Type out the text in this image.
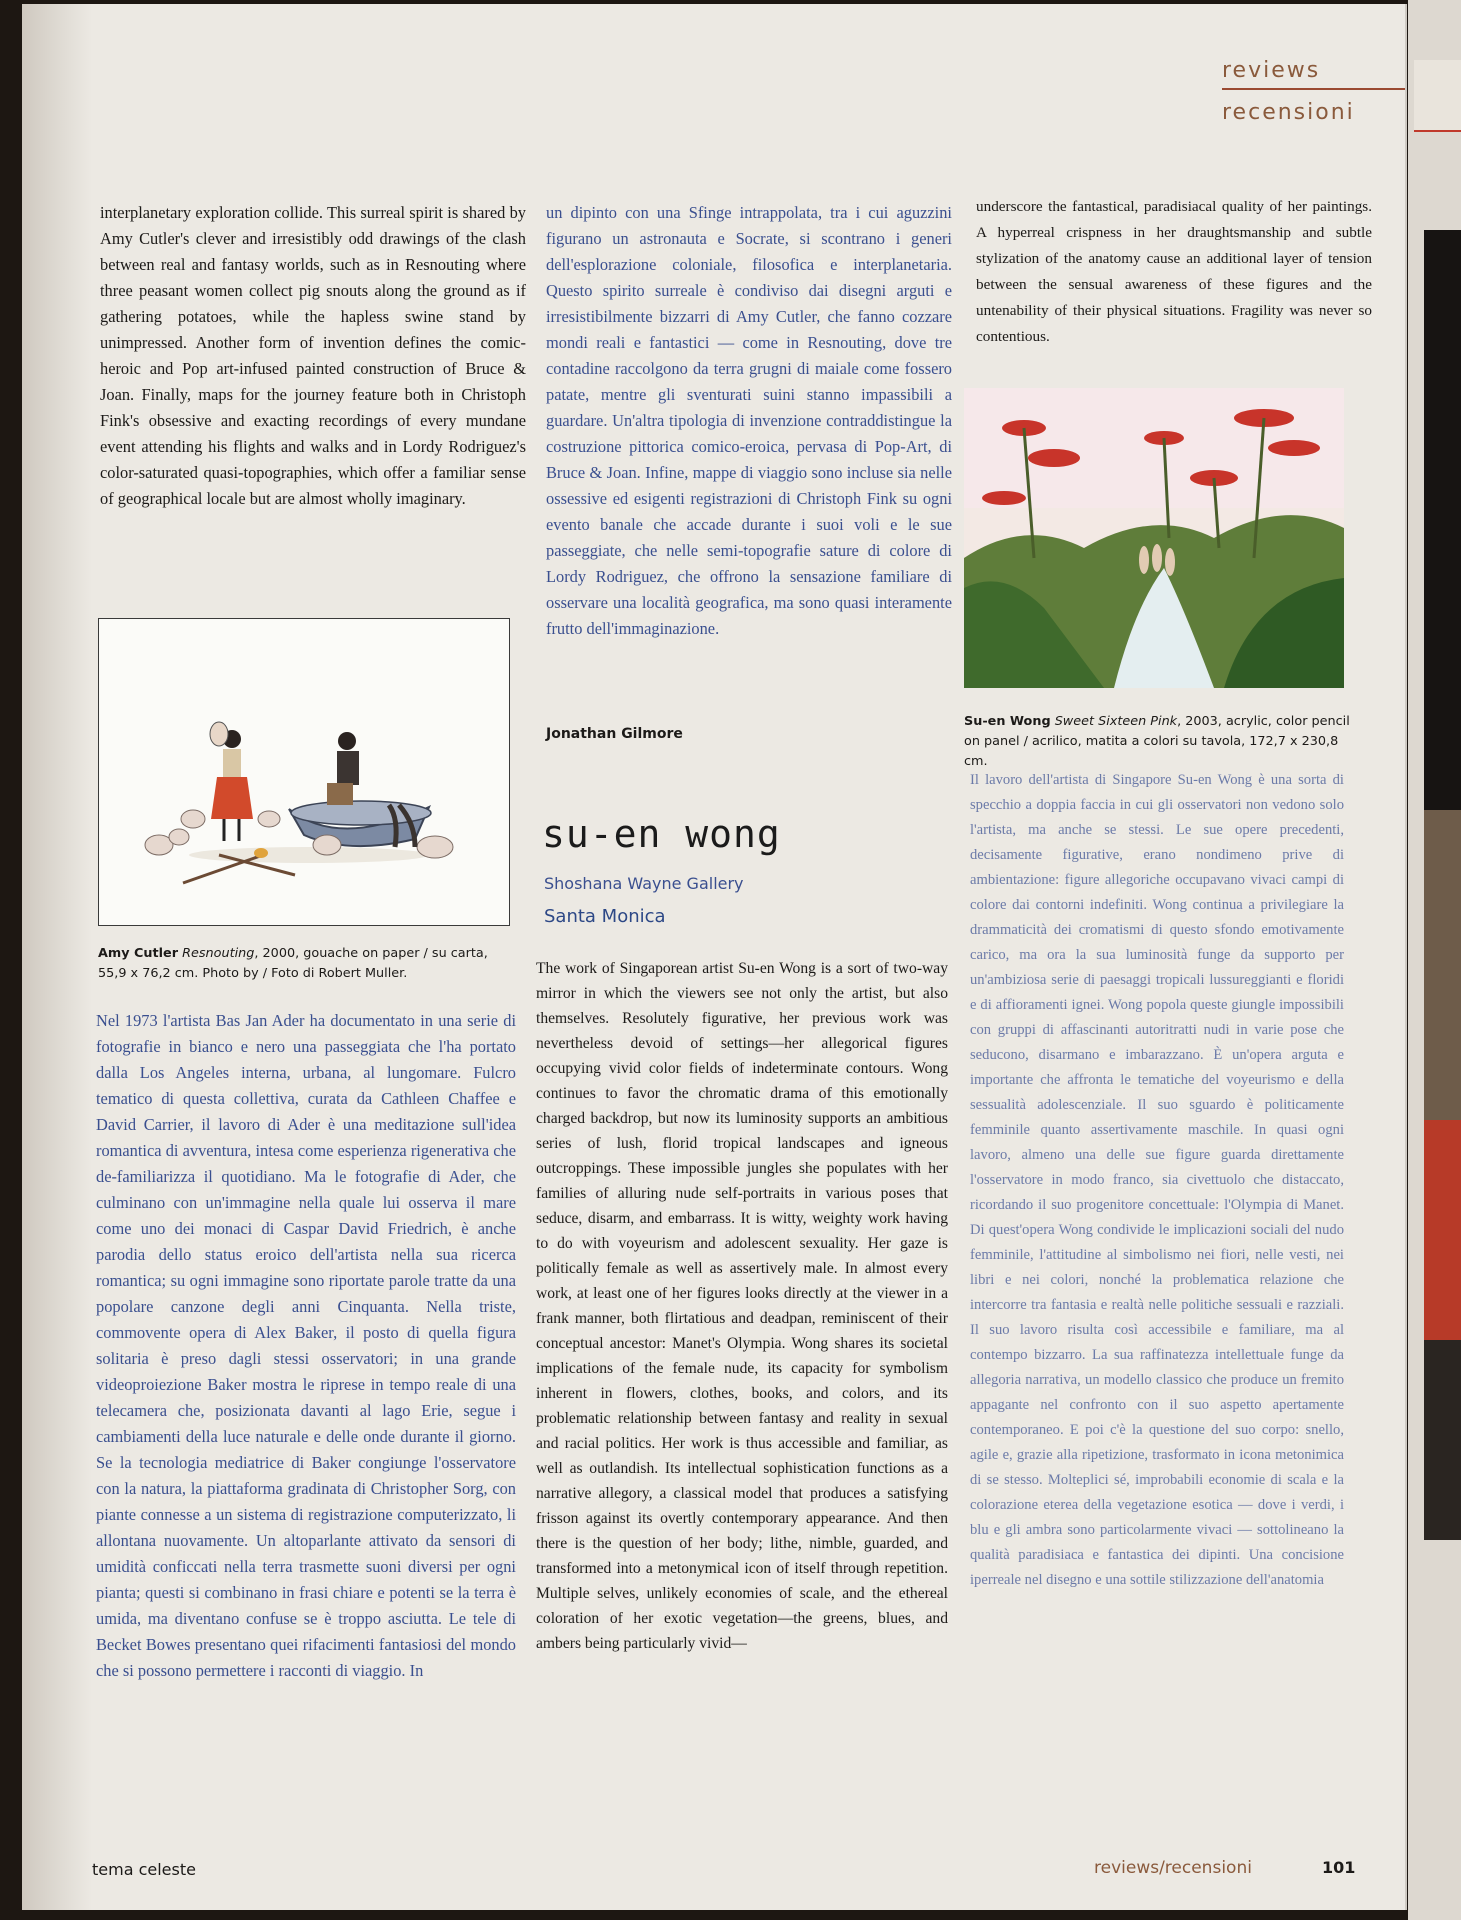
reviews
recensioni

interplanetary exploration collide. This surreal spirit is shared by Amy Cutler's clever and irresistibly odd drawings of the clash between real and fantasy worlds, such as in Resnouting where three peasant women collect pig snouts along the ground as if gathering potatoes, while the hapless swine stand by unimpressed. Another form of invention defines the comic-heroic and Pop art-infused painted construction of Bruce & Joan. Finally, maps for the journey feature both in Christoph Fink's obsessive and exacting recordings of every mundane event attending his flights and walks and in Lordy Rodriguez's color-saturated quasi-topographies, which offer a familiar sense of geographical locale but are almost wholly imaginary.

Amy Cutler Resnouting, 2000, gouache on paper / su carta, 55,9 x 76,2 cm. Photo by / Foto di Robert Muller.

Nel 1973 l'artista Bas Jan Ader ha documentato in una serie di fotografie in bianco e nero una passeggiata che l'ha portato dalla Los Angeles interna, urbana, al lungomare. Fulcro tematico di questa collettiva, curata da Cathleen Chaffee e David Carrier, il lavoro di Ader è una meditazione sull'idea romantica di avventura, intesa come esperienza rigenerativa che de-familiarizza il quotidiano. Ma le fotografie di Ader, che culminano con un'immagine nella quale lui osserva il mare come uno dei monaci di Caspar David Friedrich, è anche parodia dello status eroico dell'artista nella sua ricerca romantica; su ogni immagine sono riportate parole tratte da una popolare canzone degli anni Cinquanta. Nella triste, commovente opera di Alex Baker, il posto di quella figura solitaria è preso dagli stessi osservatori; in una grande videoproiezione Baker mostra le riprese in tempo reale di una telecamera che, posizionata davanti al lago Erie, segue i cambiamenti della luce naturale e delle onde durante il giorno. Se la tecnologia mediatrice di Baker congiunge l'osservatore con la natura, la piattaforma gradinata di Christopher Sorg, con piante connesse a un sistema di registrazione computerizzato, li allontana nuovamente. Un altoparlante attivato da sensori di umidità conficcati nella terra trasmette suoni diversi per ogni pianta; questi si combinano in frasi chiare e potenti se la terra è umida, ma diventano confuse se è troppo asciutta. Le tele di Becket Bowes presentano quei rifacimenti fantasiosi del mondo che si possono permettere i racconti di viaggio. In

un dipinto con una Sfinge intrappolata, tra i cui aguzzini figurano un astronauta e Socrate, si scontrano i generi dell'esplorazione coloniale, filosofica e interplanetaria. Questo spirito surreale è condiviso dai disegni arguti e irresistibilmente bizzarri di Amy Cutler, che fanno cozzare mondi reali e fantastici — come in Resnouting, dove tre contadine raccolgono da terra grugni di maiale come fossero patate, mentre gli sventurati suini stanno impassibili a guardare. Un'altra tipologia di invenzione contraddistingue la costruzione pittorica comico-eroica, pervasa di Pop-Art, di Bruce & Joan. Infine, mappe di viaggio sono incluse sia nelle ossessive ed esigenti registrazioni di Christoph Fink su ogni evento banale che accade durante i suoi voli e le sue passeggiate, che nelle semi-topografie sature di colore di Lordy Rodriguez, che offrono la sensazione familiare di osservare una località geografica, ma sono quasi interamente frutto dell'immaginazione.

Jonathan Gilmore
su-en wong
Shoshana Wayne Gallery
Santa Monica

The work of Singaporean artist Su-en Wong is a sort of two-way mirror in which the viewers see not only the artist, but also themselves. Resolutely figurative, her previous work was nevertheless devoid of settings—her allegorical figures occupying vivid color fields of indeterminate contours. Wong continues to favor the chromatic drama of this emotionally charged backdrop, but now its luminosity supports an ambitious series of lush, florid tropical landscapes and igneous outcroppings. These impossible jungles she populates with her families of alluring nude self-portraits in various poses that seduce, disarm, and embarrass. It is witty, weighty work having to do with voyeurism and adolescent sexuality. Her gaze is politically female as well as assertively male. In almost every work, at least one of her figures looks directly at the viewer in a frank manner, both flirtatious and deadpan, reminiscent of their conceptual ancestor: Manet's Olympia. Wong shares its societal implications of the female nude, its capacity for symbolism inherent in flowers, clothes, books, and colors, and its problematic relationship between fantasy and reality in sexual and racial politics. Her work is thus accessible and familiar, as well as outlandish. Its intellectual sophistication functions as a narrative allegory, a classical model that produces a satisfying frisson against its overtly contemporary appearance. And then there is the question of her body; lithe, nimble, guarded, and transformed into a metonymical icon of itself through repetition. Multiple selves, unlikely economies of scale, and the ethereal coloration of her exotic vegetation—the greens, blues, and ambers being particularly vivid—

underscore the fantastical, paradisiacal quality of her paintings. A hyperreal crispness in her draughtsmanship and subtle stylization of the anatomy cause an additional layer of tension between the sensual awareness of these figures and the untenability of their physical situations. Fragility was never so contentious.

Su-en Wong Sweet Sixteen Pink, 2003, acrylic, color pencil on panel / acrilico, matita a colori su tavola, 172,7 x 230,8 cm.

Il lavoro dell'artista di Singapore Su-en Wong è una sorta di specchio a doppia faccia in cui gli osservatori non vedono solo l'artista, ma anche se stessi. Le sue opere precedenti, decisamente figurative, erano nondimeno prive di ambientazione: figure allegoriche occupavano vivaci campi di colore dai contorni indefiniti. Wong continua a privilegiare la drammaticità dei cromatismi di questo sfondo emotivamente carico, ma ora la sua luminosità funge da supporto per un'ambiziosa serie di paesaggi tropicali lussureggianti e floridi e di affioramenti ignei. Wong popola queste giungle impossibili con gruppi di affascinanti autoritratti nudi in varie pose che seducono, disarmano e imbarazzano. È un'opera arguta e importante che affronta le tematiche del voyeurismo e della sessualità adolescenziale. Il suo sguardo è politicamente femminile quanto assertivamente maschile. In quasi ogni lavoro, almeno una delle sue figure guarda direttamente l'osservatore in modo franco, sia civettuolo che distaccato, ricordando il suo progenitore concettuale: l'Olympia di Manet. Di quest'opera Wong condivide le implicazioni sociali del nudo femminile, l'attitudine al simbolismo nei fiori, nelle vesti, nei libri e nei colori, nonché la problematica relazione che intercorre tra fantasia e realtà nelle politiche sessuali e razziali. Il suo lavoro risulta così accessibile e familiare, ma al contempo bizzarro. La sua raffinatezza intellettuale funge da allegoria narrativa, un modello classico che produce un fremito appagante nel confronto con il suo aspetto apertamente contemporaneo. E poi c'è la questione del suo corpo: snello, agile e, grazie alla ripetizione, trasformato in icona metonimica di se stesso. Molteplici sé, improbabili economie di scala e la colorazione eterea della vegetazione esotica — dove i verdi, i blu e gli ambra sono particolarmente vivaci — sottolineano la qualità paradisiaca e fantastica dei dipinti. Una concisione iperreale nel disegno e una sottile stilizzazione dell'anatomia

tema celeste	reviews/recensioni	101
